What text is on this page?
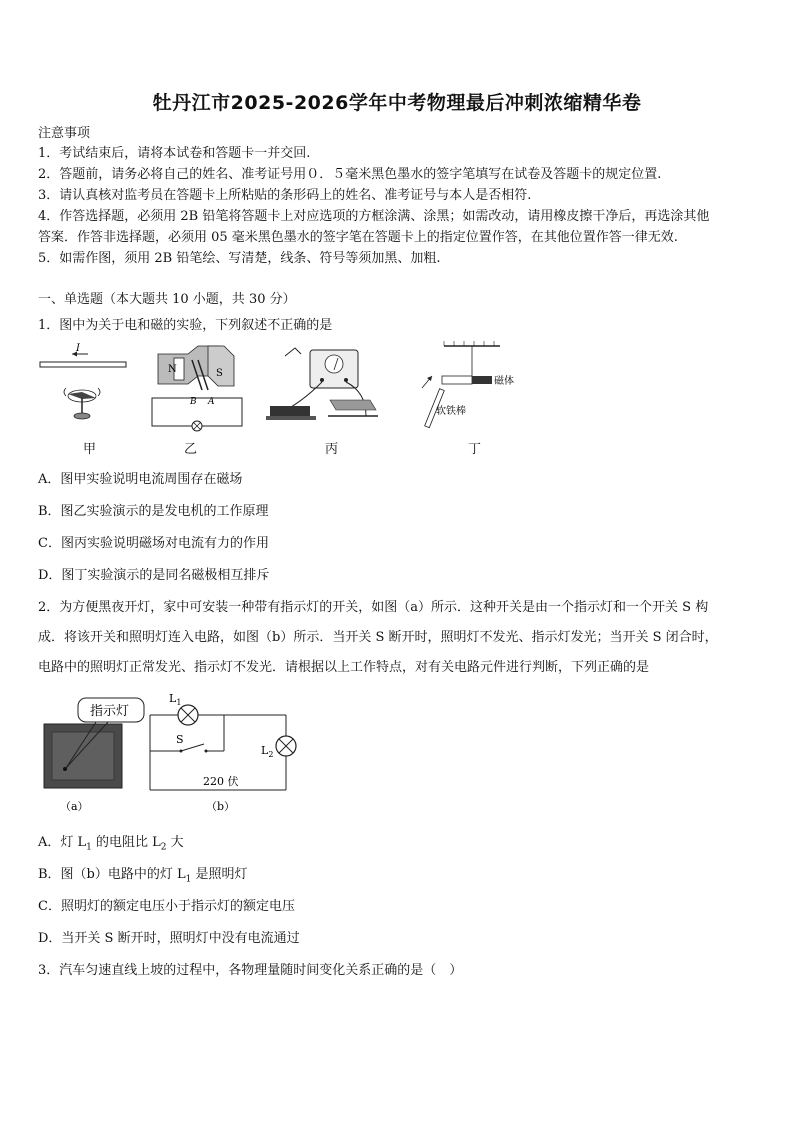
牡丹江市2025-2026学年中考物理最后冲刺浓缩精华卷
注意事项
1．考试结束后，请将本试卷和答题卡一并交回.
2．答题前，请务必将自己的姓名、准考证号用０．５毫米黑色墨水的签字笔填写在试卷及答题卡的规定位置.
3．请认真核对监考员在答题卡上所粘贴的条形码上的姓名、准考证号与本人是否相符.
4．作答选择题，必须用 2B 铅笔将答题卡上对应选项的方框涂满、涂黑；如需改动，请用橡皮擦干净后，再选涂其他
答案．作答非选择题，必须用 05 毫米黑色墨水的签字笔在答题卡上的指定位置作答，在其他位置作答一律无效.
5．如需作图，须用 2B 铅笔绘、写清楚，线条、符号等须加黑、加粗.
一、单选题（本大题共 10 小题，共 30 分）
1．图中为关于电和磁的实验，下列叙述不正确的是
I
N	S
B A
磁体
软铁棒
甲	乙	丙	丁
A．图甲实验说明电流周围存在磁场
B．图乙实验演示的是发电机的工作原理
C．图丙实验说明磁场对电流有力的作用
D．图丁实验演示的是同名磁极相互排斥
2．为方便黑夜开灯，家中可安装一种带有指示灯的开关，如图（a）所示．这种开关是由一个指示灯和一个开关 S 构
成．将该开关和照明灯连入电路，如图（b）所示．当开关 S 断开时，照明灯不发光、指示灯发光；当开关 S 闭合时，
电路中的照明灯正常发光、指示灯不发光．请根据以上工作特点，对有关电路元件进行判断，下列正确的是
指示灯
$L_1$
$L_2$
S
220 伏
（a）	（b）
A．灯 $L_1$ 的电阻比 $L_2$ 大
B．图（b）电路中的灯 $L_1$ 是照明灯
C．照明灯的额定电压小于指示灯的额定电压
D．当开关 S 断开时，照明灯中没有电流通过
3．汽车匀速直线上坡的过程中，各物理量随时间变化关系正确的是（　）
